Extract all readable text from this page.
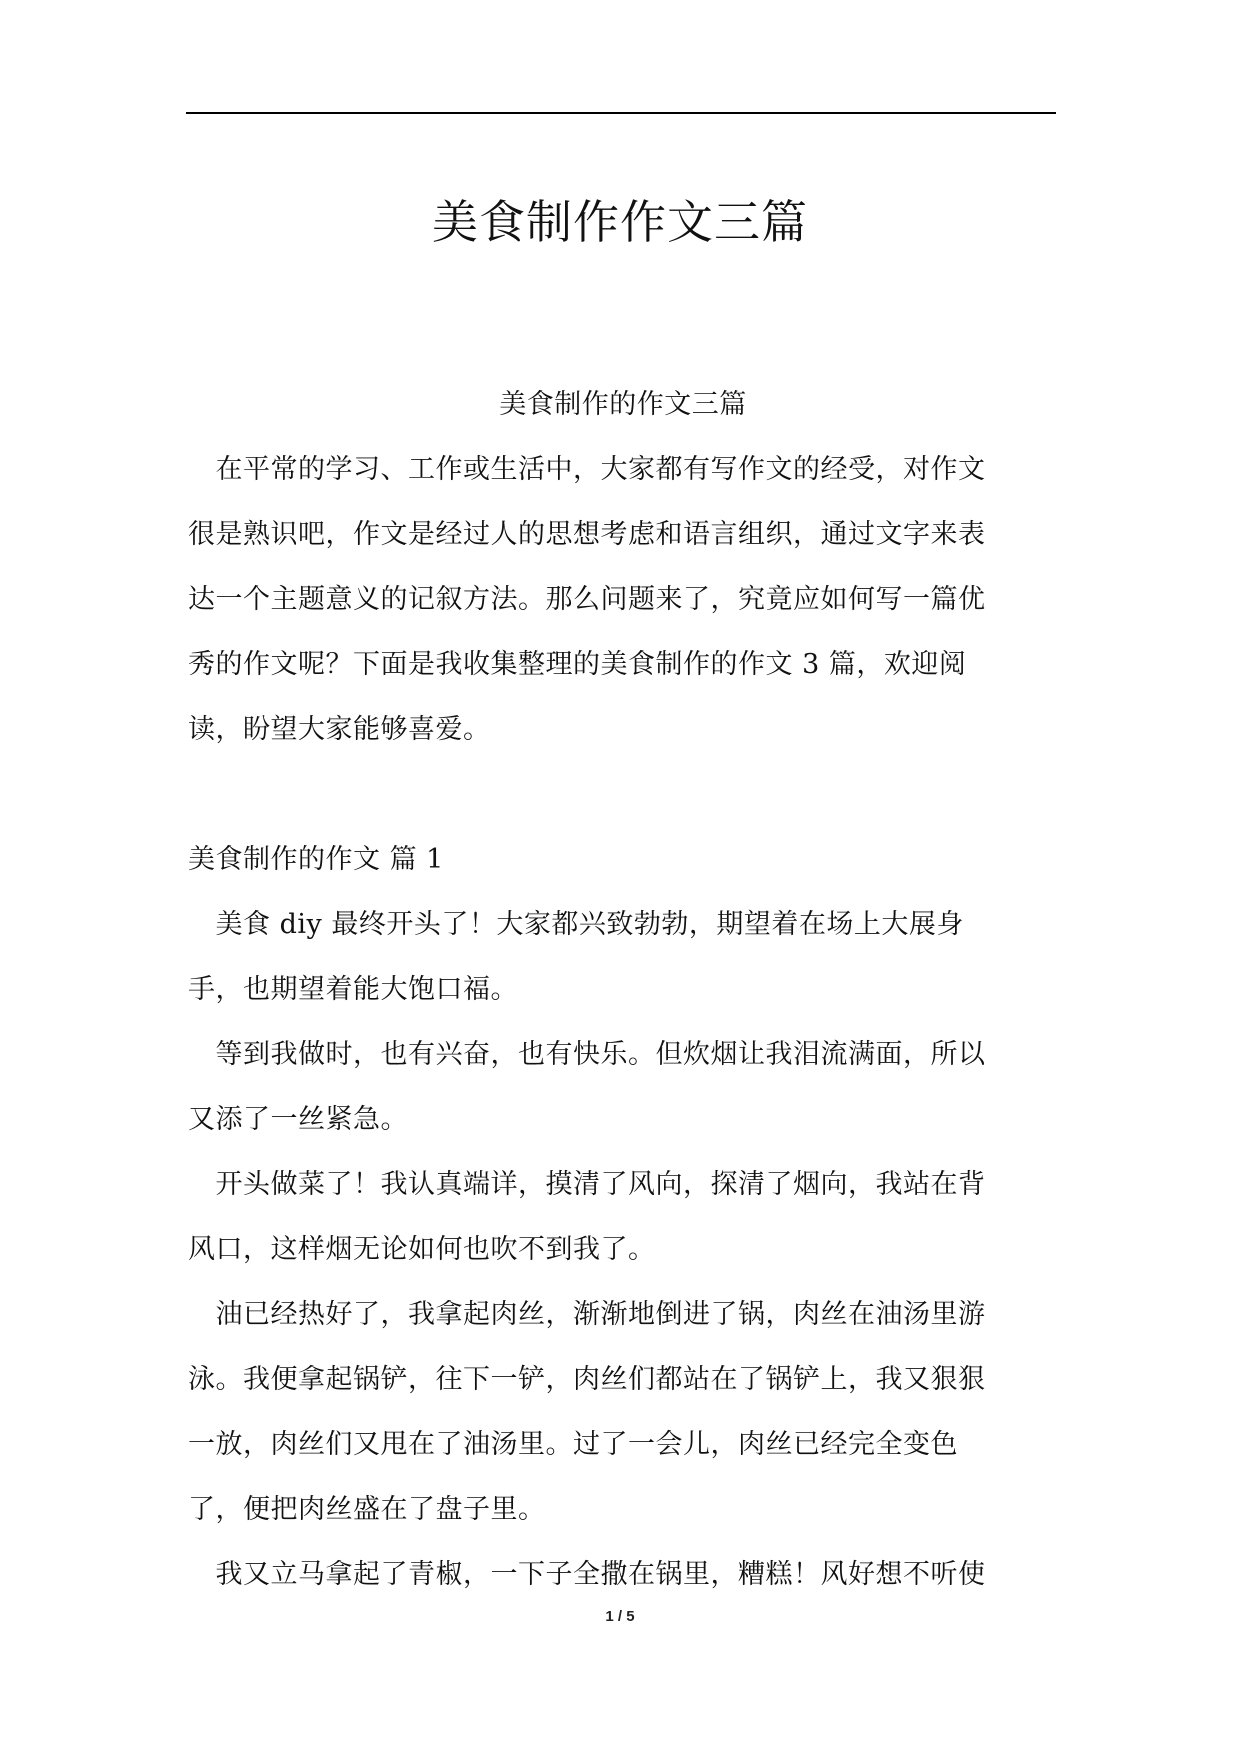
美食制作作文三篇
美食制作的作文三篇
　在平常的学习、工作或生活中，大家都有写作文的经受，对作文
很是熟识吧，作文是经过人的思想考虑和语言组织，通过文字来表
达一个主题意义的记叙方法。那么问题来了，究竟应如何写一篇优
秀的作文呢？下面是我收集整理的美食制作的作文 3 篇，欢迎阅
读，盼望大家能够喜爱。
美食制作的作文 篇 1
　美食 diy 最终开头了！大家都兴致勃勃，期望着在场上大展身
手，也期望着能大饱口福。
　等到我做时，也有兴奋，也有快乐。但炊烟让我泪流满面，所以
又添了一丝紧急。
　开头做菜了！我认真端详，摸清了风向，探清了烟向，我站在背
风口，这样烟无论如何也吹不到我了。
　油已经热好了，我拿起肉丝，渐渐地倒进了锅，肉丝在油汤里游
泳。我便拿起锅铲，往下一铲，肉丝们都站在了锅铲上，我又狠狠
一放，肉丝们又甩在了油汤里。过了一会儿，肉丝已经完全变色
了，便把肉丝盛在了盘子里。
　我又立马拿起了青椒，一下子全撒在锅里，糟糕！风好想不听使
1 / 5
